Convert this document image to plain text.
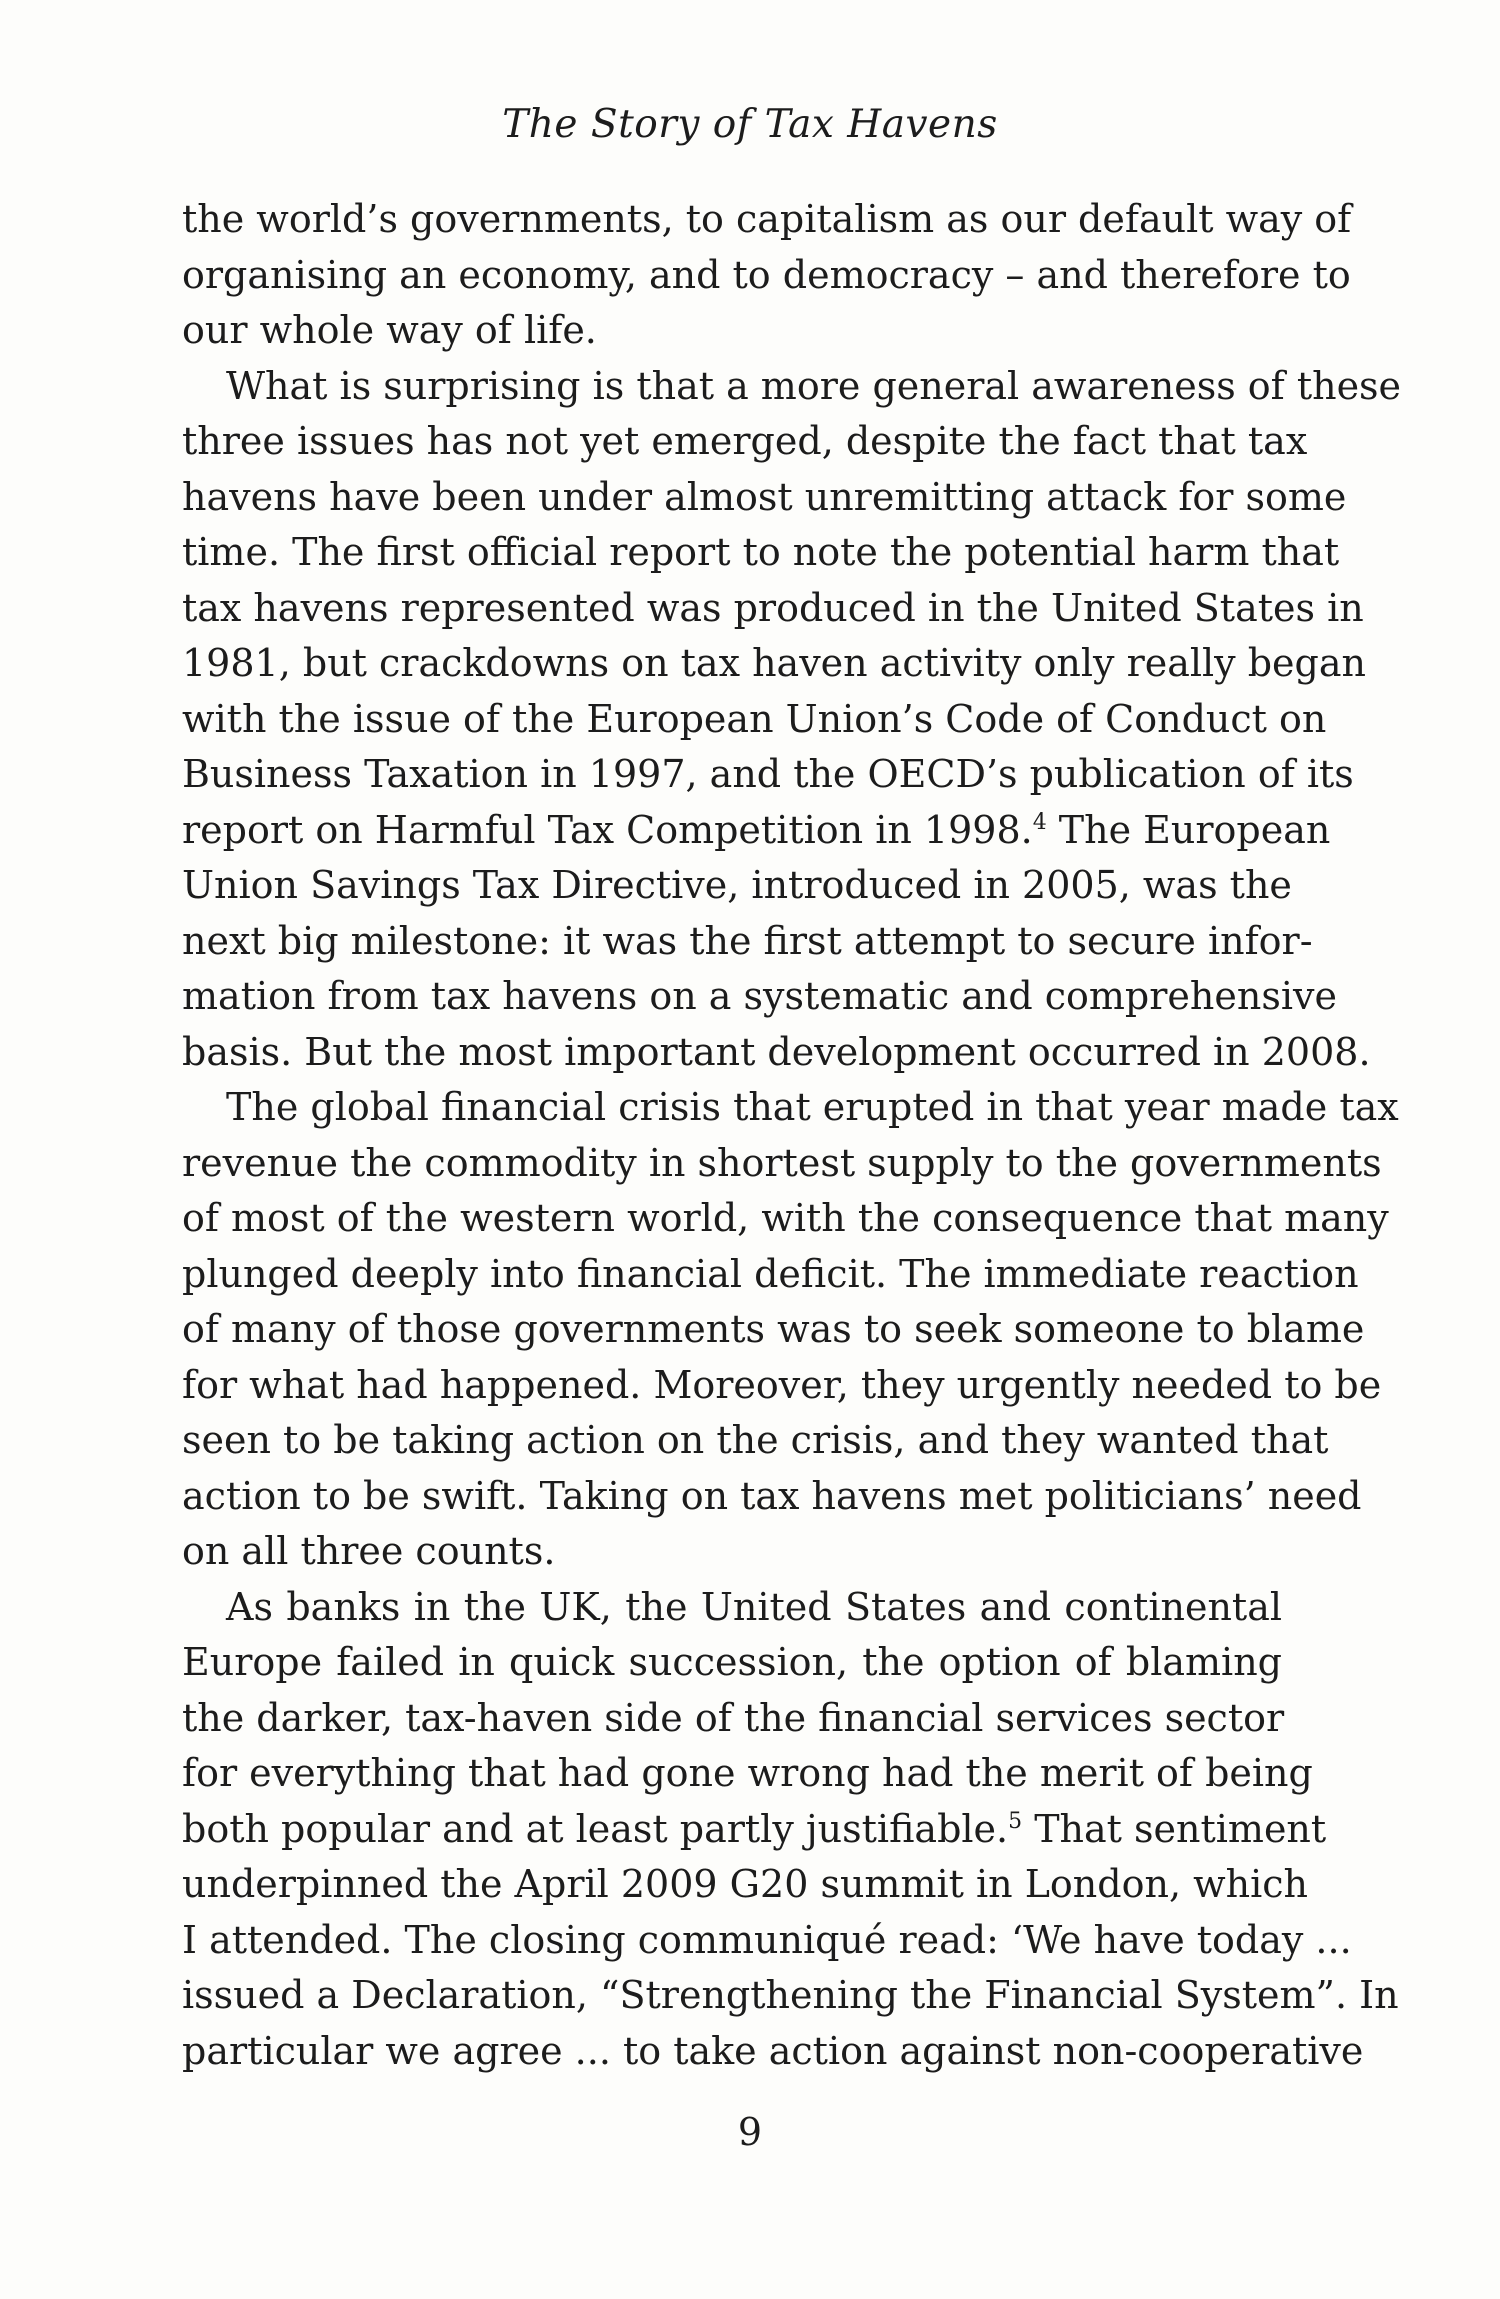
The Story of Tax Havens

the world’s governments, to capitalism as our default way of
organising an economy, and to democracy – and therefore to
our whole way of life.

What is surprising is that a more general awareness of these
three issues has not yet emerged, despite the fact that tax
havens have been under almost unremitting attack for some
time. The first official report to note the potential harm that
tax havens represented was produced in the United States in
1981, but crackdowns on tax haven activity only really began
with the issue of the European Union’s Code of Conduct on
Business Taxation in 1997, and the OECD’s publication of its
report on Harmful Tax Competition in 1998.$^4$ The European
Union Savings Tax Directive, introduced in 2005, was the
next big milestone: it was the first attempt to secure infor-
mation from tax havens on a systematic and comprehensive
basis. But the most important development occurred in 2008.

The global financial crisis that erupted in that year made tax
revenue the commodity in shortest supply to the governments
of most of the western world, with the consequence that many
plunged deeply into financial deficit. The immediate reaction
of many of those governments was to seek someone to blame
for what had happened. Moreover, they urgently needed to be
seen to be taking action on the crisis, and they wanted that
action to be swift. Taking on tax havens met politicians’ need
on all three counts.

As banks in the UK, the United States and continental
Europe failed in quick succession, the option of blaming
the darker, tax-haven side of the financial services sector
for everything that had gone wrong had the merit of being
both popular and at least partly justifiable.$^5$ That sentiment
underpinned the April 2009 G20 summit in London, which
I attended. The closing communiqué read: ‘We have today ...
issued a Declaration, “Strengthening the Financial System”. In
particular we agree ... to take action against non-cooperative

9
